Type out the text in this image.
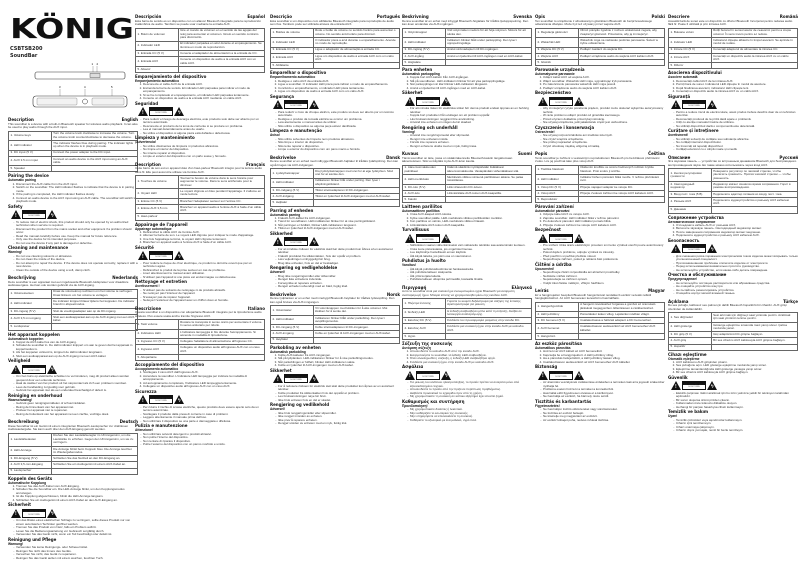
KÖNIG
CSBTSB200
SoundBar
1 2
3	4	5
Description	English
This soundbar is a device with a built-in Bluetooth speaker for wireless audio playback. It can also be used to play audio through the AUX input.
1. Volume keys	Turn the volume knob clockwise to increase the volume. Turn the volume knob counterclockwise to decrease the volume.
2. LED indicator	The indicator flashes blue during pairing. The indicator lights up when the device is in playback mode.
3. DC input (5 V)	Connect the power adapter to the DC input.
4. AUX 3.5 mm input	Connect an audio device to the AUX input using an AUX cable.
5. Speaker	
Pairing the device
Automatic pairing
1. Disconnect the AUX cable from the AUX input.
2. Switch on the soundbar. The LED indicator flashes to indicate that the device is in pairing mode.
3. If the pairing is completed, the LED indicator flashes slowly.
4. Connect an audio device to the AUX input using an AUX cable. The soundbar will switch to playback mode.
Safety
!
CAUTION
RISK OF ELECTRIC SHOCK
DO NOT OPEN	ϟ
- To reduce risk of electric shock, this product should only be opened by an authorized technician when service is required.
- Disconnect the product from the mains socket and other equipment if a problem should occur.
- Read the manual carefully before use. Keep the manual for future reference.
- Only use the device for its intended purposes.
- Do not use the device if any part is damaged or defective.
Cleaning and maintenance
Warning!
- Do not use cleaning solvents or abrasives.
- Do not clean the inside of the device.
- Do not attempt to repair the device. If the device does not operate correctly, replace it with a new device.
- Clean the outside of the device using a soft, damp cloth.
Beschrijving	Nederlands
Deze soundbar is een apparaat met een ingebouwde Bluetooth-luidspreker voor draadloze audioweergave. Het kan ook worden gebruikt via de AUX-ingang.
1. Volumetoetsen	Draai de volumeknop rechtsom om het volume te verhogen. Draai linksom om het volume te verlagen.
2. LED-indicator	De indicator knippert blauw tijdens het koppelen. De indicator brandt in afspeelmodus.
3. DC-ingang (5 V)	Sluit de voedingsadapter aan op de DC-ingang.
4. AUX 3,5 mm-ingang	Sluit een audioapparaat aan op de AUX-ingang met een AUX-kabel.
5. Luidspreker	
Het apparaat koppelen
Automatisch koppelen
1. Koppel de AUX-kabel los van de AUX-ingang.
2. Schakel de soundbar in. De LED-indicator knippert om aan te geven dat het apparaat in koppelmodus is.
3. Als het koppelen voltooid is, knippert de LED-indicator langzaam.
4. Sluit een audioapparaat aan op de AUX-ingang met een AUX-kabel.
Veiligheid
!
CAUTION
RISK OF ELECTRIC SHOCK
DO NOT OPEN	ϟ
- Om het risico op elektrische schokken te verminderen, mag dit product alleen worden geopend door een erkende technicus.
- Haal de stekker van het product uit het stopcontact als zich een probleem voordoet.
- Lees de handleiding zorgvuldig voor gebruik.
- Gebruik het apparaat niet als een onderdeel beschadigd of defect is.
Reiniging en onderhoud
Waarschuwing!
- Gebruik geen reinigingsmiddelen of schuurmiddelen.
- Reinig de binnenkant van het apparaat niet.
- Probeer het apparaat niet te repareren.
- Reinig de buitenkant van het apparaat met een zachte, vochtige doek.
Beschreibung	Deutsch
Diese Soundbar ist ein Gerät mit einem integrierten Bluetooth-Lautsprecher zur drahtlosen Audiowiedergabe. Sie kann auch über den AUX-Eingang genutzt werden.
1. Lautstärketasten	Drehen Sie den Lautstärkeregler im Uhrzeigersinn, um die Lautstärke zu erhöhen. Gegen den Uhrzeigersinn, um sie zu verringern.
2. LED-Anzeige	Die Anzeige blinkt beim Koppeln blau. Die Anzeige leuchtet im Wiedergabemodus.
3. DC-Eingang (5 V)	Schließen Sie das Netzteil an den DC-Eingang an.
4. AUX 3,5-mm-Eingang	Schließen Sie ein Audiogerät mit einem AUX-Kabel an.
5. Lautsprecher	
Koppeln des Geräts
Automatische Kopplung
1. Trennen Sie das AUX-Kabel vom AUX-Eingang.
2. Schalten Sie die Soundbar ein. Die LED-Anzeige blinkt, um den Kopplungsmodus anzuzeigen.
3. Ist die Kopplung abgeschlossen, blinkt die LED-Anzeige langsam.
4. Schließen Sie ein Audiogerät mit einem AUX-Kabel an den AUX-Eingang an.
Sicherheit
!
CAUTION
RISK OF ELECTRIC SHOCK
DO NOT OPEN	ϟ
- Um das Risiko eines elektrischen Schlags zu verringern, sollte dieses Produkt nur von einem autorisierten Techniker geöffnet werden.
- Trennen Sie das Produkt vom Netz, falls ein Problem auftritt.
- Lesen Sie die Bedienungsanleitung vor Gebrauch sorgfältig durch.
- Verwenden Sie das Gerät nicht, wenn ein Teil beschädigt oder defekt ist.
Reinigung und Pflege
Warnung!
- Verwenden Sie keine Reinigungs- oder Scheuermittel.
- Reinigen Sie nicht das Innere des Geräts.
- Versuchen Sie nicht, das Gerät zu reparieren.
- Reinigen Sie das Gerät außen mit einem weichen, feuchten Tuch.
Descripción	Español
Esta barra de sonido es un dispositivo con un altavoz Bluetooth integrado para la reproducción inalámbrica de audio. También se puede usar mediante la entrada AUX.
1. Botón de volumen	Gire el mando de volumen en el sentido de las agujas del reloj para aumentar el volumen. Gírelo en sentido contrario para disminuirlo.
2. Indicador LED	El indicador parpadea en azul durante el emparejamiento. Se ilumina en modo de reproducción.
3. Entrada CC (5 V)	Conecte el adaptador de alimentación a la entrada de CC.
4. Entrada AUX	Conecte un dispositivo de audio a la entrada AUX con un cable AUX.
5. Altavoz	
Emparejamiento del dispositivo
Emparejamiento automático
1. Desconecte el cable AUX de la entrada AUX.
2. Encienda la barra de sonido. El indicador LED parpadea para indicar el modo de emparejamiento.
3. Si se ha completado el emparejamiento, el indicador LED parpadea lentamente.
4. Conecte un dispositivo de audio a la entrada AUX mediante un cable AUX.
Seguridad
!
CAUTION
RISK OF ELECTRIC SHOCK
DO NOT OPEN	ϟ
- Para reducir el riesgo de descarga eléctrica, este producto solo debe ser abierto por un técnico autorizado.
- Desconecte el producto de la toma de corriente si se produce un problema.
- Lea el manual detenidamente antes de usarlo.
- No utilice el dispositivo si alguna pieza está dañada o defectuosa.
Limpieza y mantenimiento
¡Advertencia!
- No utilice disolventes de limpieza ni productos abrasivos.
- No limpie el interior del dispositivo.
- No intente reparar el dispositivo.
- Limpie el exterior del dispositivo con un paño suave y húmedo.
Description	Français
Cette barre de son est un appareil doté d'un haut-parleur Bluetooth intégré pour la lecture audio sans fil. Elle peut aussi être utilisée via l'entrée AUX.
1. Touches de volume	Tournez le bouton de volume dans le sens horaire pour augmenter le volume. Dans le sens antihoraire pour le diminuer.
2. Voyant LED	Le voyant clignote en bleu pendant l'appairage. Il s'allume en mode lecture.
3. Entrée CC (5 V)	Branchez l'adaptateur secteur sur l'entrée CC.
4. Entrée AUX 3,5 mm	Branchez un appareil audio à l'entrée AUX à l'aide d'un câble AUX.
5. Haut-parleur	
Appairage de l'appareil
Appairage automatique
1. Débranchez le câble AUX de l'entrée AUX.
2. Allumez la barre de son. Le voyant LED clignote pour indiquer le mode d'appairage.
3. Une fois l'appairage terminé, le voyant LED clignote lentement.
4. Branchez un appareil audio à l'entrée AUX à l'aide d'un câble AUX.
Sécurité
!
CAUTION
RISK OF ELECTRIC SHOCK
DO NOT OPEN	ϟ
- Pour réduire le risque de choc électrique, ce produit ne doit être ouvert que par un technicien agréé.
- Débranchez le produit de la prise secteur en cas de problème.
- Lisez attentivement le manuel avant utilisation.
- N'utilisez pas l'appareil si une pièce est endommagée ou défectueuse.
Nettoyage et entretien
Avertissement !
- N'utilisez pas de solvants de nettoyage ni de produits abrasifs.
- Ne nettoyez pas l'intérieur de l'appareil.
- N'essayez pas de réparer l'appareil.
- Nettoyez l'extérieur de l'appareil avec un chiffon doux et humide.
Descrizione	Italiano
Questa soundbar è un dispositivo con altoparlante Bluetooth integrato per la riproduzione audio wireless. Può essere usata anche tramite l'ingresso AUX.
1. Tasti volume	Ruotare la manopola in senso orario per aumentare il volume. In senso antiorario per ridurlo.
2. Indicatore LED	L'indicatore lampeggia in blu durante l'accoppiamento. Si accende in modalità di riproduzione.
3. Ingresso CC (5 V)	Collegare l'adattatore di alimentazione all'ingresso CC.
4. Ingresso AUX	Collegare un dispositivo audio all'ingresso AUX con un cavo AUX.
5. Altoparlante	
Accoppiamento del dispositivo
Accoppiamento automatico
1. Scollegare il cavo AUX dall'ingresso AUX.
2. Accendere la soundbar. L'indicatore LED lampeggia per indicare la modalità di accoppiamento.
3. Ad accoppiamento completato, l'indicatore LED lampeggia lentamente.
4. Collegare un dispositivo audio all'ingresso AUX con un cavo AUX.
Sicurezza
!
CAUTION
RISK OF ELECTRIC SHOCK
DO NOT OPEN	ϟ
- Per ridurre il rischio di scosse elettriche, questo prodotto deve essere aperto solo da un tecnico autorizzato.
- Scollegare il prodotto dalla presa di corrente in caso di problemi.
- Leggere attentamente il manuale prima dell'uso.
- Non utilizzare il dispositivo se una parte è danneggiata o difettosa.
Pulizia e manutenzione
Attenzione!
- Non utilizzare solventi detergenti o prodotti abrasivi.
- Non pulire l'interno del dispositivo.
- Non tentare di riparare il dispositivo.
- Pulire l'esterno del dispositivo con un panno morbido e umido.
Descrição	Português
Esta soundbar é um dispositivo com altifalante Bluetooth integrado para reprodução de áudio sem fios. Também pode ser utilizada através da entrada AUX.
1. Botões de volume	Rode o botão de volume no sentido horário para aumentar o volume. No sentido anti-horário para diminuir.
2. Indicador LED	O indicador pisca a azul durante o emparelhamento. Acende no modo de reprodução.
3. Entrada CC (5 V)	Ligue o adaptador de alimentação à entrada CC.
4. Entrada AUX	Ligue um dispositivo de áudio à entrada AUX com um cabo AUX.
5. Altifalante	
Emparelhar o dispositivo
Emparelhamento automático
1. Desligue o cabo AUX da entrada AUX.
2. Ligue a soundbar. O indicador LED pisca para indicar o modo de emparelhamento.
3. Concluído o emparelhamento, o indicador LED pisca lentamente.
4. Ligue um dispositivo de áudio à entrada AUX com um cabo AUX.
Segurança
!
CAUTION
RISK OF ELECTRIC SHOCK
DO NOT OPEN	ϟ
- Para reduzir o risco de choque elétrico, este produto só deve ser aberto por um técnico autorizado.
- Desligue o produto da tomada elétrica se ocorrer um problema.
- Leia atentamente o manual antes de utilizar.
- Não utilize o dispositivo se alguma peça estiver danificada.
Limpeza e manutenção
Aviso!
- Não utilize solventes de limpeza nem produtos abrasivos.
- Não limpe o interior do dispositivo.
- Não tente reparar o dispositivo.
- Limpe o exterior do dispositivo com um pano macio e húmido.
Beskrivelse	Dansk
Denne soundbar er en enhed med indbygget Bluetooth-højttaler til trådløs lydafspilning. Den kan også bruges via AUX-indgangen.
1. Lydstyrkeknapper	Drej lydstyrkeknappen med uret for at øge lydstyrken. Mod uret for at sænke den.
2. LED-indikator	Indikatoren blinker blåt under parring. Den lyser i afspilningstilstand.
3. DC-indgang (5 V)	Tilslut strømadapteren til DC-indgangen.
4. AUX-indgang	Tilslut en lydenhed til AUX-indgangen med et AUX-kabel.
5. Højttaler	
Parring af enheden
Automatisk parring
1. Frakobl AUX-kablet fra AUX-indgangen.
2. Tænd for soundbaren. LED-indikatoren blinker for at vise parringstilstand.
3. Når parringen er fuldført, blinker LED-indikatoren langsomt.
4. Tilslut en lydenhed til AUX-indgangen med et AUX-kabel.
Sikkerhed
!
CAUTION
RISK OF ELECTRIC SHOCK
DO NOT OPEN	ϟ
- For at mindske risikoen for elektrisk stød bør dette produkt kun åbnes af en autoriseret tekniker.
- Frakobl produktet fra stikkontakten, hvis der opstår et problem.
- Læs vejledningen omhyggeligt før brug.
- Brug ikke enheden, hvis en del er beskadiget.
Rengøring og vedligeholdelse
Advarsel!
- Brug ikke rengøringsmidler eller slibemidler.
- Rengør ikke enhedens inderside.
- Forsøg ikke at reparere enheden.
- Rengør enheden udvendigt med en blød, fugtig klud.
Beskrivelse	Norsk
Denne lydplanken er en enhet med innebygd Bluetooth-høyttaler for trådløs lydavspilling. Den kan også brukes via AUX-inngangen.
1. Volumtaster	Vri volumknappen med klokken for å øke volumet. Mot klokken for å senke det.
2. LED-indikator	Indikatoren blinker blått under parkobling. Den lyser i avspillingsmodus.
3. DC-inngang (5 V)	Koble strømadapteren til DC-inngangen.
4. AUX-inngang	Koble en lydenhet til AUX-inngangen med en AUX-kabel.
5. Høyttaler	
Parkobling av enheten
Automatisk parkobling
1. Koble AUX-kabelen fra AUX-inngangen.
2. Slå på lydplanken. LED-indikatoren blinker for å vise parkoblingsmodus.
3. Når parkoblingen er fullført, blinker LED-indikatoren sakte.
4. Koble en lydenhet til AUX-inngangen med en AUX-kabel.
Sikkerhet
!
CAUTION
RISK OF ELECTRIC SHOCK
DO NOT OPEN	ϟ
- For å redusere risikoen for elektrisk støt skal dette produktet kun åpnes av en autorisert tekniker.
- Koble produktet fra stikkontakten hvis det oppstår et problem.
- Les bruksanvisningen nøye før bruk.
- Ikke bruk enheten hvis en del er skadet.
Rengjøring og vedlikehold
Advarsel!
- Ikke bruk rengjøringsmidler eller slipemidler.
- Ikke rengjør innsiden av enheten.
- Ikke prøv å reparere enheten.
- Rengjør utsiden av enheten med en myk, fuktig klut.
Beskrivning	Svenska
Denna soundbar är en enhet med inbyggd Bluetooth-högtalare för trådlös ljuduppspelning. Den kan även användas via AUX-ingången.
1. Volymknappar	Vrid volymratten medurs för att höja volymen. Moturs för att sänka den.
2. LED-indikator	Indikatorn blinkar blått under parkoppling. Den lyser i uppspelningsläge.
3. DC-ingång (5 V)	Anslut strömadaptern till DC-ingången.
4. AUX-ingång	Anslut en ljudenhet till AUX-ingången med en AUX-kabel.
5. Högtalare	
Para enheten
Automatisk parkoppling
1. Koppla bort AUX-kabeln från AUX-ingången.
2. Slå på soundbaren. LED-indikatorn blinkar för att visa parkopplingsläge.
3. När parkopplingen är klar blinkar LED-indikatorn långsamt.
4. Anslut en ljudenhet till AUX-ingången med en AUX-kabel.
Säkerhet
!
CAUTION
RISK OF ELECTRIC SHOCK
DO NOT OPEN	ϟ
- För att minska risken för elektriska stötar bör denna produkt endast öppnas av en behörig tekniker.
- Koppla bort produkten från eluttaget om ett problem uppstår.
- Läs bruksanvisningen noggrant före användning.
- Använd inte enheten om någon del är skadad.
Rengöring och underhåll
Varning!
- Använd inte rengöringsmedel eller slipmedel.
- Rengör inte enhetens insida.
- Försök inte reparera enheten.
- Rengör enhetens utsida med en mjuk, fuktig trasa.
Kuvaus	Suomi
Tämä soundbar on laite, jossa on sisäänrakennettu Bluetooth-kaiutin langattomaan äänentoistoon. Sitä voi käyttää myös AUX-tulon kautta.
1. Äänenvoimakkuuden painikkeet	Käännä säädintä myötäpäivään lisätäksesi äänenvoimakkuutta. Vastapäivään vähentääksesi sitä.
2. LED-merkkivalo	Merkkivalo vilkkuu sinisenä pariliitoksen aikana. Se palaa toistotilassa.
3. DC-tulo (5 V)	Liitä virtasovitin DC-tuloon.
4. AUX-tulo	Liitä äänilaite AUX-tuloon AUX-kaapelilla.
5. Kaiutin	
Laitteen pariliitos
Automaattinen pariliitos
1. Irrota AUX-kaapeli AUX-tulosta.
2. Kytke soundbar päälle. LED-merkkivalo vilkkuu pariliitostilan merkiksi.
3. Kun pariliitos on valmis, LED-merkkivalo vilkkuu hitaasti.
4. Liitä äänilaite AUX-tuloon AUX-kaapelilla.
Turvallisuus
!
CAUTION
RISK OF ELECTRIC SHOCK
DO NOT OPEN	ϟ
- Sähköiskun vaaran vähentämiseksi vain valtuutettu teknikko saa avata tämän tuotteen.
- Irrota tuote pistorasiasta, jos ongelmia ilmenee.
- Lue käyttöohje huolellisesti ennen käyttöä.
- Älä käytä laitetta, jos jokin osa on vaurioitunut.
Puhdistus ja huolto
Varoitus!
- Älä käytä puhdistusliuottimia tai hankausaineita.
- Älä puhdista laitteen sisäpuolta.
- Älä yritä korjata laitetta.
- Puhdista laitteen ulkopinta pehmeällä, kostealla liinalla.
Περιγραφή	Ελληνικά
Αυτό το soundbar είναι μια συσκευή με ενσωματωμένο ηχείο Bluetooth για ασύρματη αναπαραγωγή ήχου. Μπορεί επίσης να χρησιμοποιηθεί μέσω της εισόδου AUX.
1. Πλήκτρα έντασης	Γυρίστε το κουμπί δεξιόστροφα για αύξηση της έντασης. Αριστερόστροφα για μείωση.
2. Ένδειξη LED	Η ένδειξη αναβοσβήνει μπλε κατά τη σύζευξη. Ανάβει σε λειτουργία αναπαραγωγής.
3. Είσοδος DC (5 V)	Συνδέστε τον προσαρμογέα ρεύματος στην είσοδο DC.
4. Είσοδος AUX	Συνδέστε μια συσκευή ήχου στην είσοδο AUX με καλώδιο AUX.
5. Ηχείο	
Σύζευξη της συσκευής
Αυτόματη σύζευξη
1. Αποσυνδέστε το καλώδιο AUX από την είσοδο AUX.
2. Ενεργοποιήστε το soundbar. Η ένδειξη LED αναβοσβήνει.
3. Όταν ολοκληρωθεί η σύζευξη, η ένδειξη LED αναβοσβήνει αργά.
4. Συνδέστε μια συσκευή ήχου στην είσοδο AUX με καλώδιο AUX.
Ασφάλεια
!
CAUTION
RISK OF ELECTRIC SHOCK
DO NOT OPEN	ϟ
- Για μείωση του κινδύνου ηλεκτροπληξίας, το προϊόν πρέπει να ανοίγεται μόνο από εξουσιοδοτημένο τεχνικό.
- Αποσυνδέστε το προϊόν από την πρίζα σε περίπτωση προβλήματος.
- Διαβάστε προσεκτικά το εγχειρίδιο πριν από τη χρήση.
- Μη χρησιμοποιείτε τη συσκευή αν κάποιο εξάρτημα έχει υποστεί ζημιά.
Καθαρισμός και συντήρηση
Προειδοποίηση!
- Μη χρησιμοποιείτε διαλύτες ή λειαντικά.
- Μην καθαρίζετε το εσωτερικό της συσκευής.
- Μην επιχειρήσετε να επισκευάσετε τη συσκευή.
- Καθαρίστε το εξωτερικό με ένα μαλακό, υγρό πανί.
Opis	Polski
Ten soundbar to urządzenie z wbudowanym głośnikiem Bluetooth do bezprzewodowego odtwarzania dźwięku. Może być też używany przez wejście AUX.
1. Regulacja głośności	Obróć pokrętło zgodnie z ruchem wskazówek zegara, aby zwiększyć głośność. Przeciwnie, aby ją zmniejszyć.
2. Wskaźnik LED	Wskaźnik miga na niebiesko podczas parowania. Świeci w trybie odtwarzania.
3. Wejście DC (5 V)	Podłącz zasilacz do wejścia DC.
4. Wejście AUX	Podłącz urządzenie audio do wejścia AUX kablem AUX.
5. Głośnik	
Parowanie urządzenia
Automatyczne parowanie
1. Odłącz kabel AUX od wejścia AUX.
2. Włącz soundbar. Wskaźnik LED miga, sygnalizując tryb parowania.
3. Po zakończeniu parowania wskaźnik LED miga powoli.
4. Podłącz urządzenie audio do wejścia AUX kablem AUX.
Bezpieczeństwo
!
CAUTION
RISK OF ELECTRIC SHOCK
DO NOT OPEN	ϟ
- Aby zmniejszyć ryzyko porażenia prądem, produkt może otwierać wyłącznie autoryzowany technik.
- W razie problemu odłącz produkt od gniazdka sieciowego.
- Przed użyciem dokładnie przeczytaj instrukcję.
- Nie używaj urządzenia, jeśli jakakolwiek część jest uszkodzona.
Czyszczenie i konserwacja
Ostrzeżenie!
- Nie używaj rozpuszczalników ani środków ściernych.
- Nie czyść wnętrza urządzenia.
- Nie próbuj naprawiać urządzenia.
- Czyść obudowę miękką, wilgotną szmatką.
Popis	Čeština
Tento soundbar je zařízení s vestavěným reproduktorem Bluetooth pro bezdrátové přehrávání zvuku. Lze jej používat také přes vstup AUX.
1. Tlačítka hlasitosti	Otáčením knoflíku ve směru hodinových ručiček zvýšíte hlasitost. Proti směru ji snížíte.
2. LED indikátor	Indikátor během párování bliká modře. V režimu přehrávání svítí.
3. Vstup DC (5 V)	Připojte napájecí adaptér ke vstupu DC.
4. Vstup AUX	Připojte zvukové zařízení ke vstupu AUX kabelem AUX.
5. Reproduktor	
Párování zařízení
Automatické párování
1. Odpojte kabel AUX ze vstupu AUX.
2. Zapněte soundbar. LED indikátor bliká v režimu párování.
3. Po dokončení párování LED indikátor pomalu bliká.
4. Připojte zvukové zařízení ke vstupu AUX kabelem AUX.
Bezpečnost
!
CAUTION
RISK OF ELECTRIC SHOCK
DO NOT OPEN	ϟ
- Pro snížení rizika úrazu elektrickým proudem smí tento výrobek otevřít pouze autorizovaný technik.
- Pokud dojde k problému, odpojte výrobek ze zásuvky.
- Před použitím si pečlivě přečtěte návod.
- Nepoužívejte zařízení, pokud je některá část poškozená.
Čištění a údržba
Upozornění!
- Nepoužívejte čisticí rozpouštědla ani abrazivní prostředky.
- Nečistěte vnitřek zařízení.
- Nepokoušejte se zařízení opravit.
- Vnější část čistěte měkkým, vlhkým hadříkem.
Leírás	Magyar
Ez a hangprojektor beépített Bluetooth hangszóróval rendelkező eszköz vezeték nélküli hanglejátszáshoz. Az AUX bemeneten keresztül is használható.
1. Hangerőgombok	A hangerő növeléséhez forgassa a gombot az óramutató járásával megegyezően. Ellentétesen a csökkentéshez.
2. LED jelzőfény	Párosításkor kéken villog. Lejátszási módban világít.
3. DC bemenet (5 V)	Csatlakoztassa a hálózati adaptert a DC bemenethez.
4. AUX bemenet	Csatlakoztasson audioeszközt az AUX bemenethez AUX kábellel.
5. Hangszóró	
Az eszköz párosítása
Automatikus párosítás
1. Húzza ki az AUX kábelt az AUX bemenetből.
2. Kapcsolja be a hangprojektort. A LED jelzőfény villog.
3. Ha a párosítás befejeződött, a LED jelzőfény lassan villog.
4. Csatlakoztasson audioeszközt az AUX bemenethez AUX kábellel.
Biztonság
!
CAUTION
RISK OF ELECTRIC SHOCK
DO NOT OPEN	ϟ
- Az áramütés veszélyének csökkentése érdekében a terméket csak arra jogosult szakember nyithatja fel.
- Probléma esetén húzza ki a terméket a konnektorból.
- Használat előtt figyelmesen olvassa el a kézikönyvet.
- Ne használja az eszközt, ha bármely része sérült.
Tisztítás és karbantartás
Figyelmeztetés!
- Ne használjon tisztító oldószereket vagy súrolószereket.
- Ne tisztítsa az eszköz belsejét.
- Ne kísérelje meg megjavítani az eszközt.
- Az eszköz külsejét puha, nedves ruhával tisztítsa.
Descriere	Română
Această bară de sunet este un dispozitiv cu difuzor Bluetooth încorporat pentru redarea audio fără fir. Poate fi utilizată și prin intrarea AUX.
1. Butoane volum	Rotiți butonul în sensul acelor de ceasornic pentru a crește volumul. În sens invers pentru a-l reduce.
2. Indicator LED	Indicatorul clipește albastru în timpul asocierii. Se aprinde în modul de redare.
3. Intrare CC (5 V)	Conectați adaptorul de alimentare la intrarea CC.
4. Intrare AUX	Conectați un dispozitiv audio la intrarea AUX cu un cablu AUX.
5. Difuzor	
Asocierea dispozitivului
Asociere automată
1. Deconectați cablul AUX de la intrarea AUX.
2. Porniți bara de sunet. Indicatorul LED clipește în modul de asociere.
3. După finalizarea asocierii, indicatorul LED clipește lent.
4. Conectați un dispozitiv audio la intrarea AUX cu un cablu AUX.
Siguranță
!
CAUTION
RISK OF ELECTRIC SHOCK
DO NOT OPEN	ϟ
- Pentru a reduce riscul de electrocutare, acest produs trebuie deschis doar de un tehnician autorizat.
- Deconectați produsul de la priză dacă apare o problemă.
- Citiți cu atenție manualul înainte de utilizare.
- Nu utilizați dispozitivul dacă o componentă este deteriorată.
Curățare și întreținere
Avertisment!
- Nu utilizați solvenți de curățare sau substanțe abrazive.
- Nu curățați interiorul dispozitivului.
- Nu încercați să reparați dispozitivul.
- Curățați exteriorul cu o cârpă moale și umedă.
Описание	Русский
Эта звуковая панель — устройство со встроенным динамиком Bluetooth для беспроводного воспроизведения звука. Её также можно использовать через вход AUX.
1. Кнопки регулировки громкости	Поверните регулятор по часовой стрелке, чтобы увеличить громкость. Против часовой стрелки — чтобы уменьшить.
2. Светодиодный индикатор	Индикатор мигает синим во время сопряжения. Горит в режиме воспроизведения.
3. Вход пост. тока (5 В)	Подключите адаптер питания ко входу пост. тока.
4. Разъем AUX	Подключите аудиоустройство к разъему AUX кабелем AUX.
5. Динамик	
Сопряжение устройства
Автоматическое сопряжение
1. Отсоедините кабель AUX от разъема AUX.
2. Включите звуковую панель. Светодиодный индикатор мигает.
3. После завершения сопряжения индикатор мигает медленно.
4. Подключите аудиоустройство к разъему AUX кабелем AUX.
Безопасность
!
CAUTION
RISK OF ELECTRIC SHOCK
DO NOT OPEN	ϟ
- Для снижения риска поражения электрическим током изделие может вскрывать только уполномоченный специалист.
- При возникновении проблемы отключите изделие от электросети.
- Перед использованием внимательно прочтите руководство.
- Не используйте устройство, если какая-либо деталь повреждена.
Очистка и обслуживание
Предупреждение!
- Не используйте чистящие растворители или абразивные средства.
- Не очищайте устройство изнутри.
- Не пытайтесь ремонтировать устройство.
- Очищайте корпус мягкой влажной тканью.
Açıklama	Türkçe
Bu ses çubuğu, kablosuz ses çalma için dahili Bluetooth hoparlörlü bir cihazdır. AUX girişi üzerinden de kullanılabilir.
1. Ses düğmeleri	Sesi artırmak için düğmeyi saat yönünde çevirin. Azaltmak için saat yönünün tersine çevirin.
2. LED gösterge	Gösterge eşleştirme sırasında mavi yanıp söner. Çalma modunda yanar.
3. DC giriş (5 V)	Güç adaptörünü DC girişine bağlayın.
4. AUX giriş	Bir ses cihazını AUX kablosuyla AUX girişine bağlayın.
5. Hoparlör	
Cihazı eşleştirme
Otomatik eşleştirme
1. AUX kablosunu AUX girişinden çıkarın.
2. Ses çubuğunu açın. LED gösterge eşleştirme modunda yanıp söner.
3. Eşleştirme tamamlandığında LED gösterge yavaşça yanıp söner.
4. Bir ses cihazını AUX kablosuyla AUX girişine bağlayın.
Güvenlik
!
CAUTION
RISK OF ELECTRIC SHOCK
DO NOT OPEN	ϟ
- Elektrik çarpması riskini azaltmak için bu ürün yalnızca yetkili bir teknisyen tarafından açılmalıdır.
- Bir sorun oluşursa ürünü prizden çıkarın.
- Kullanmadan önce kılavuzu dikkatlice okuyun.
- Herhangi bir parçası hasarlıysa cihazı kullanmayın.
Temizlik ve bakım
Uyarı!
- Temizlik çözücüleri veya aşındırıcılar kullanmayın.
- Cihazın içini temizlemeyin.
- Cihazı onarmaya çalışmayın.
- Cihazın dışını yumuşak, nemli bir bezle temizleyin.
